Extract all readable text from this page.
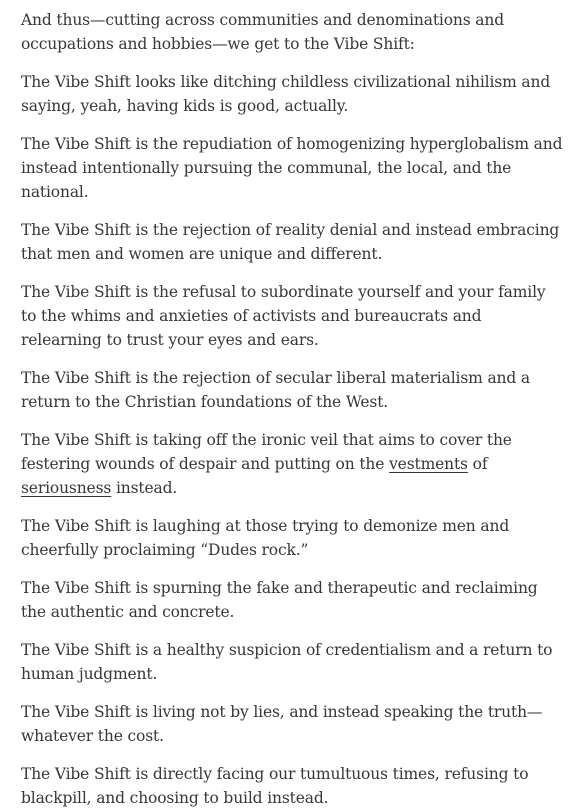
And thus—cutting across communities and denominations and occupations and hobbies—we get to the Vibe Shift:

The Vibe Shift looks like ditching childless civilizational nihilism and saying, yeah, having kids is good, actually.

The Vibe Shift is the repudiation of homogenizing hyperglobalism and instead intentionally pursuing the communal, the local, and the national.

The Vibe Shift is the rejection of reality denial and instead embracing that men and women are unique and different.

The Vibe Shift is the refusal to subordinate yourself and your family to the whims and anxieties of activists and bureaucrats and relearning to trust your eyes and ears.

The Vibe Shift is the rejection of secular liberal materialism and a return to the Christian foundations of the West.

The Vibe Shift is taking off the ironic veil that aims to cover the festering wounds of despair and putting on the vestments of seriousness instead.

The Vibe Shift is laughing at those trying to demonize men and cheerfully proclaiming “Dudes rock.”

The Vibe Shift is spurning the fake and therapeutic and reclaiming the authentic and concrete.

The Vibe Shift is a healthy suspicion of credentialism and a return to human judgment.

The Vibe Shift is living not by lies, and instead speaking the truth—whatever the cost.

The Vibe Shift is directly facing our tumultuous times, refusing to blackpill, and choosing to build instead.
